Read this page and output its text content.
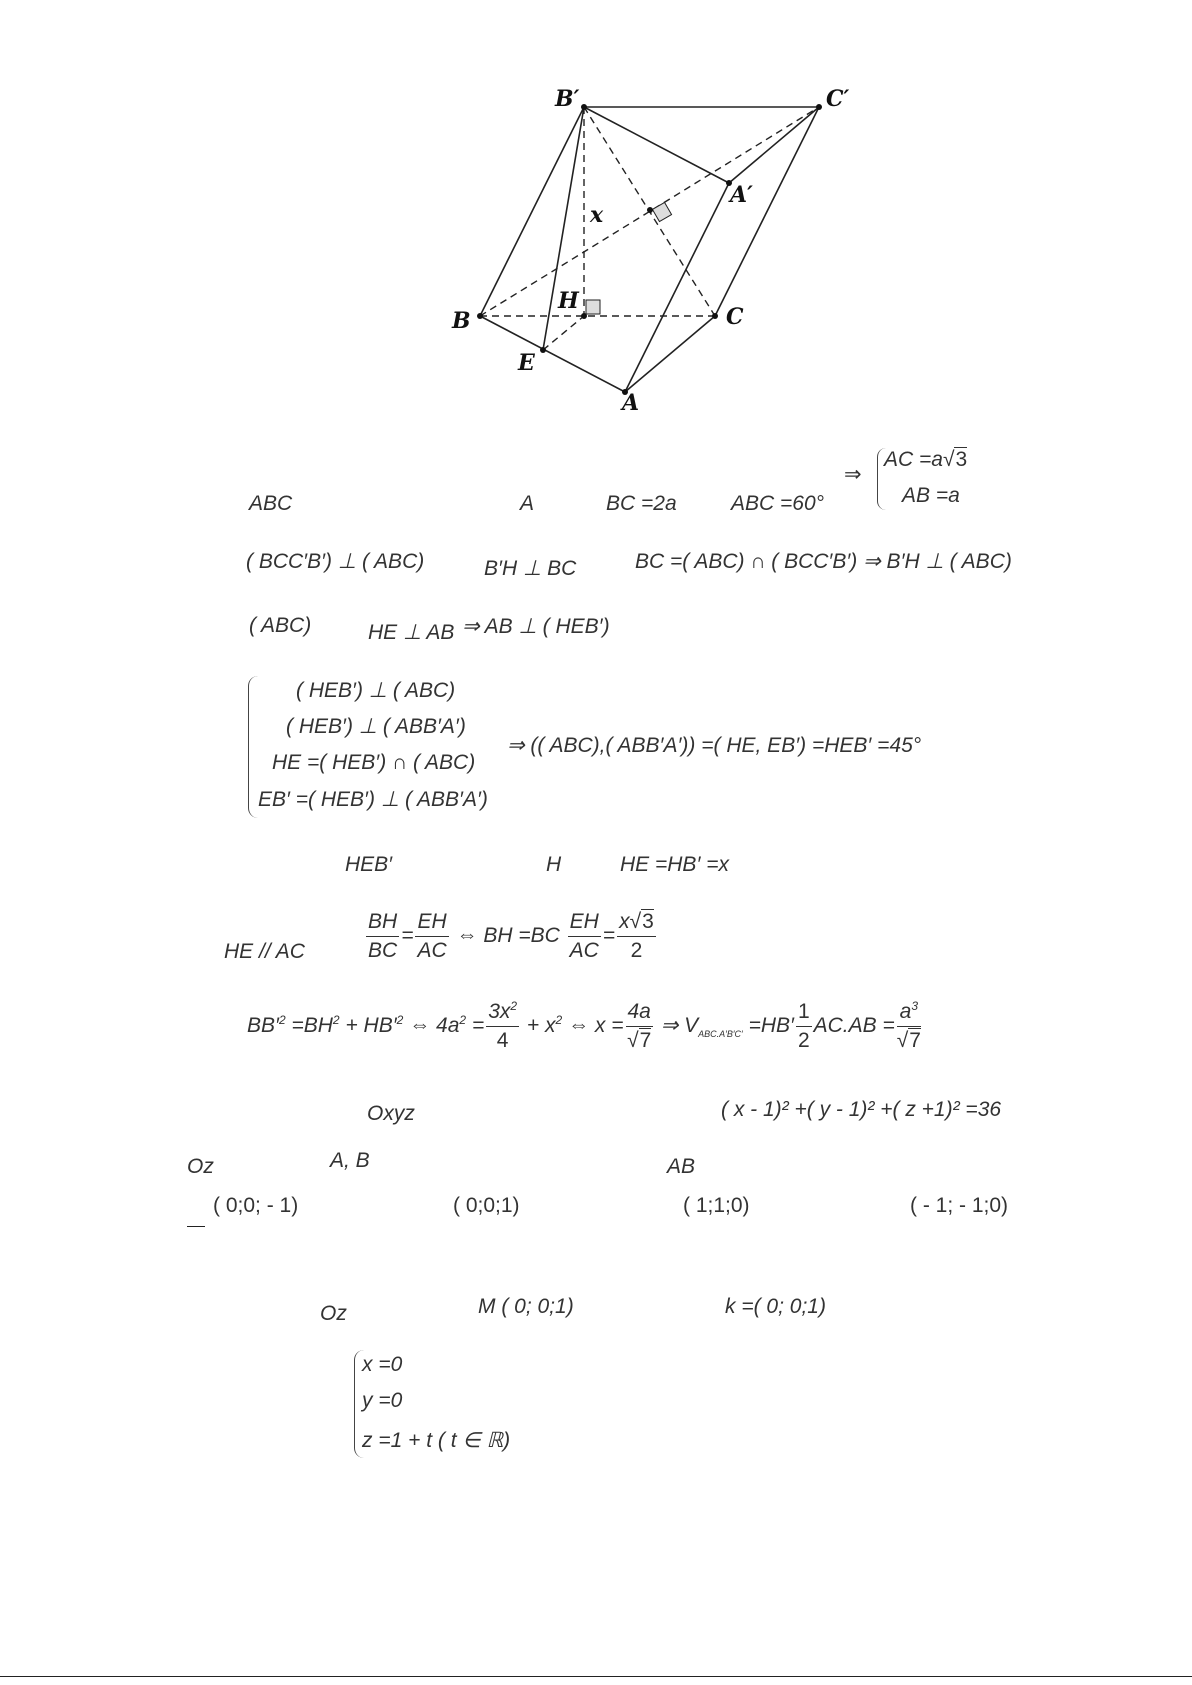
B′	C′
A′
x
H
B	C
E
A
ABC	A	BC =2a	ABC =60°
⇒
AC =a√3
AB =a
( BCC′B′) ⊥ ( ABC)	B′H ⊥ BC	BC =( ABC) ∩ ( BCC′B′) ⇒ B′H ⊥ ( ABC)
( ABC)	HE ⊥ AB ⇒ AB ⊥ ( HEB′)
( HEB′) ⊥ ( ABC)
( HEB′) ⊥ ( ABB′A′)
HE =( HEB′) ∩ ( ABC)
EB′ =( HEB′) ⊥ ( ABB′A′)
⇒ (( ABC),( ABB′A′)) =( HE, EB′) =HEB′ =45°
HEB′	H	HE =HB′ =x
HE // AC	$\frac{BH}{BC} = \frac{EH}{AC}$ ⇔ BH $=BC \frac{EH}{AC} = \frac{x√3}{2}$
$BB'^2 =BH^2 + HB'^2$ ⇔ $4a^2 = \frac{3x^2}{4} + x^2$ ⇔ $x = \frac{4a}{√7}$ ⇒ $V_{ABC.A'B'C'} =HB' \frac{1}{2} AC.AB = \frac{a^3}{√7}$
Oxyz	( x - 1)² +( y - 1)² +( z +1)² =36
Oz	A, B	AB
( 0;0; - 1)	( 0;0;1)	( 1;1;0)	( - 1; - 1;0)
Oz	M ( 0; 0;1)	k =( 0; 0;1)
x =0
y =0
z =1 + t ( t ∈ ℝ)
